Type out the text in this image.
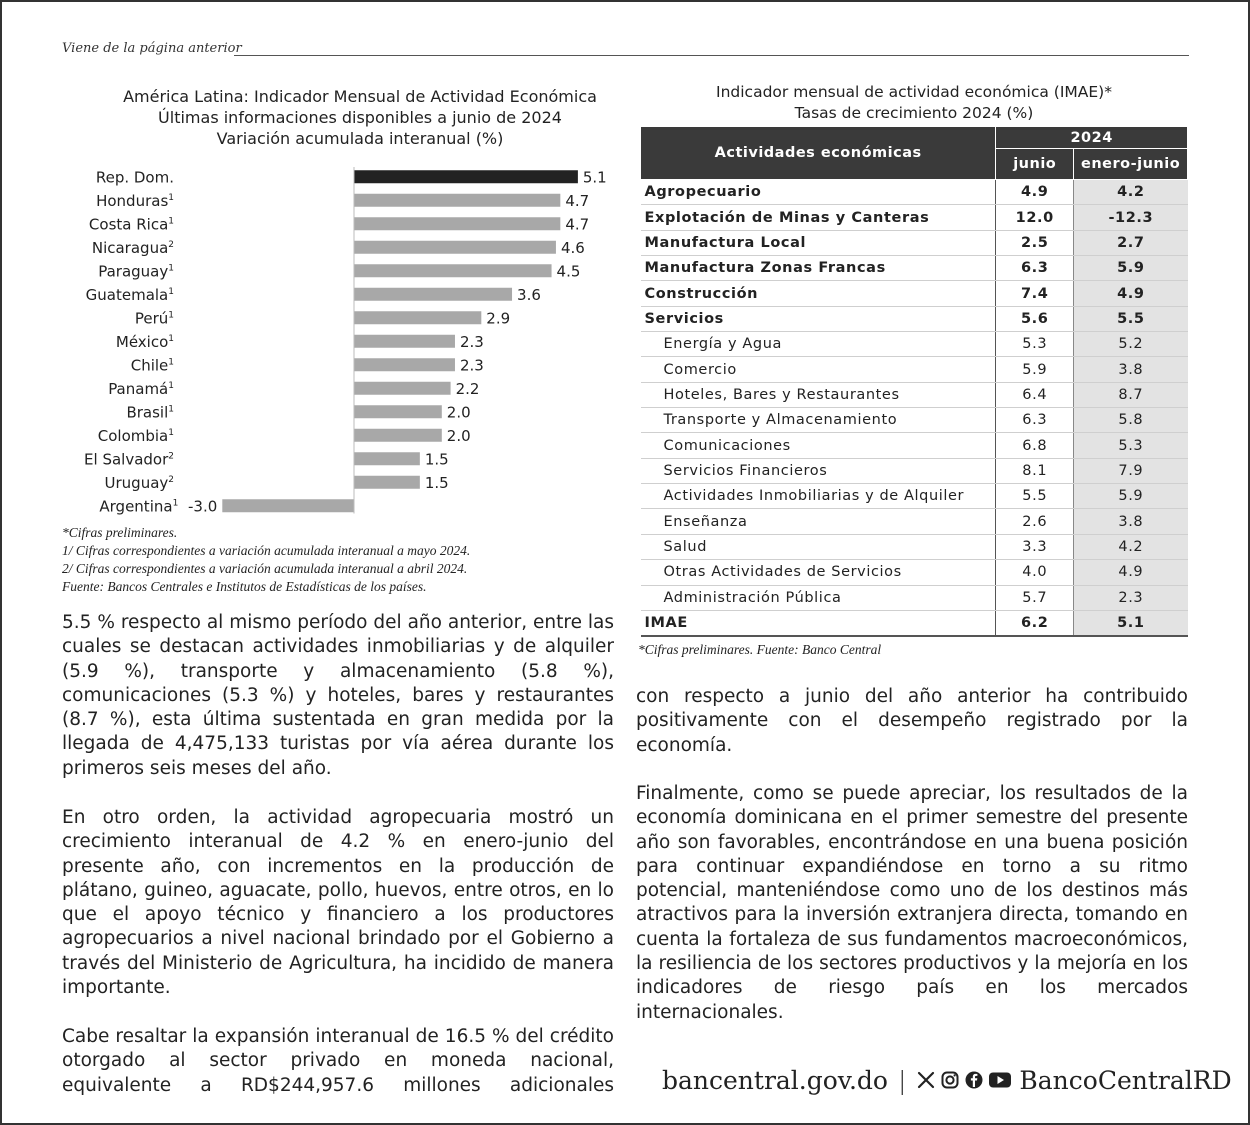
Viene de la página anterior
América Latina: Indicador Mensual de Actividad Económica
Últimas informaciones disponibles a junio de 2024
Variación acumulada interanual (%)
5.1
Rep. Dom.
4.7
Honduras$^1$
4.7
Costa Rica$^1$
4.6
Nicaragua$^2$
4.5
Paraguay$^1$
3.6
Guatemala$^1$
2.9
Perú$^1$
2.3
México$^1$
2.3
Chile$^1$
2.2
Panamá$^1$
2.0
Brasil$^1$
2.0
Colombia$^1$
1.5
El Salvador$^2$
1.5
Uruguay$^2$
-3.0
Argentina$^1$
*Cifras preliminares.
1/ Cifras correspondientes a variación acumulada interanual a mayo 2024.
2/ Cifras correspondientes a variación acumulada interanual a abril 2024.
Fuente: Bancos Centrales e Institutos de Estadísticas de los países.
Indicador mensual de actividad económica (IMAE)*
Tasas de crecimiento 2024 (%)
Actividades económicas	2024	
	junio	enero-junio
Agropecuario	4.9	4.2
Explotación de Minas y Canteras	12.0	-12.3
Manufactura Local	2.5	2.7
Manufactura Zonas Francas	6.3	5.9
Construcción	7.4	4.9
Servicios	5.6	5.5
Energía y Agua	5.3	5.2
Comercio	5.9	3.8
Hoteles, Bares y Restaurantes	6.4	8.7
Transporte y Almacenamiento	6.3	5.8
Comunicaciones	6.8	5.3
Servicios Financieros	8.1	7.9
Actividades Inmobiliarias y de Alquiler	5.5	5.9
Enseñanza	2.6	3.8
Salud	3.3	4.2
Otras Actividades de Servicios	4.0	4.9
Administración Pública	5.7	2.3
IMAE	6.2	5.1
*Cifras preliminares. Fuente: Banco Central
5.5 % respecto al mismo período del año anterior, entre las cuales se destacan actividades inmobiliarias y de alquiler (5.9 %), transporte y almacenamiento (5.8 %), comunicaciones (5.3 %) y hoteles, bares y restaurantes (8.7 %), esta última sustentada en gran medida por la llegada de 4,475,133 turistas por vía aérea durante los primeros seis meses del año.
En otro orden, la actividad agropecuaria mostró un crecimiento interanual de 4.2 % en enero-junio del presente año, con incrementos en la producción de plátano, guineo, aguacate, pollo, huevos, entre otros, en lo que el apoyo técnico y financiero a los productores agropecuarios a nivel nacional brindado por el Gobierno a través del Ministerio de Agricultura, ha incidido de manera importante.
Cabe resaltar la expansión interanual de 16.5 % del crédito otorgado al sector privado en moneda nacional, equivalente a RD$244,957.6 millones adicionales
con respecto a junio del año anterior ha contribuido positivamente con el desempeño registrado por la economía.
Finalmente, como se puede apreciar, los resultados de la economía dominicana en el primer semestre del presente año son favorables, encontrándose en una buena posición para continuar expandiéndose en torno a su ritmo potencial, manteniéndose como uno de los destinos más atractivos para la inversión extranjera directa, tomando en cuenta la fortaleza de sus fundamentos macroeconómicos, la resiliencia de los sectores productivos y la mejoría en los indicadores de riesgo país en los mercados internacionales.
bancentral.gov.do |	BancoCentralRD
